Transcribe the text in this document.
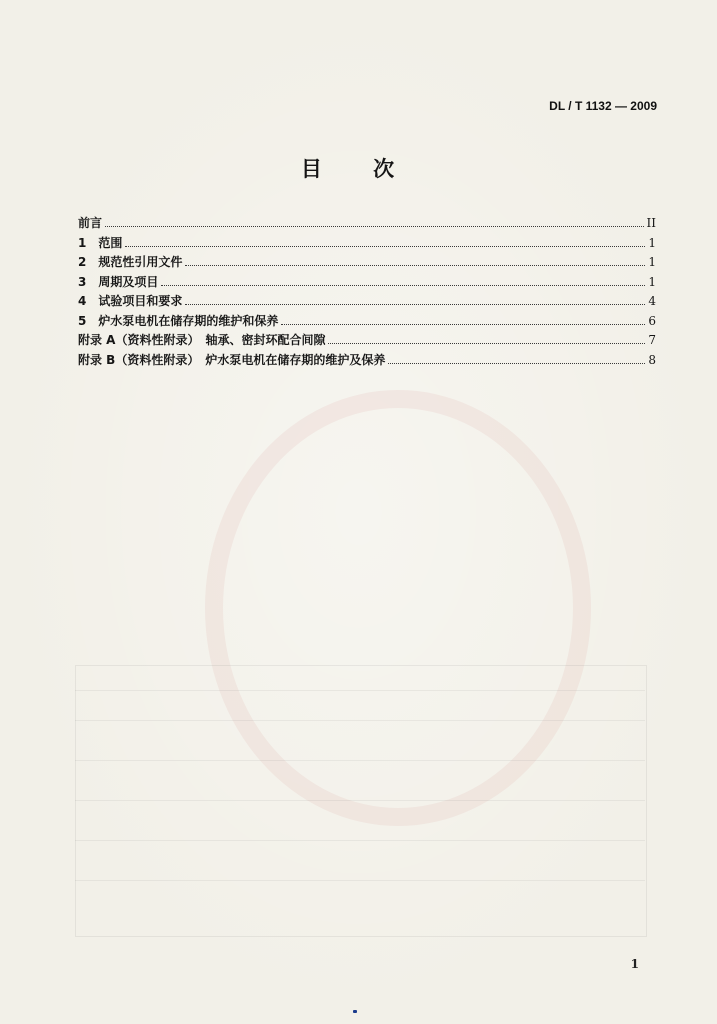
DL / T 1132 — 2009
目 次
前言	II
1　范围	1
2　规范性引用文件	1
3　周期及项目	1
4　试验项目和要求	4
5　炉水泵电机在储存期的维护和保养	6
附录 A（资料性附录）　轴承、密封环配合间隙	7
附录 B（资料性附录）　炉水泵电机在储存期的维护及保养	8
1
